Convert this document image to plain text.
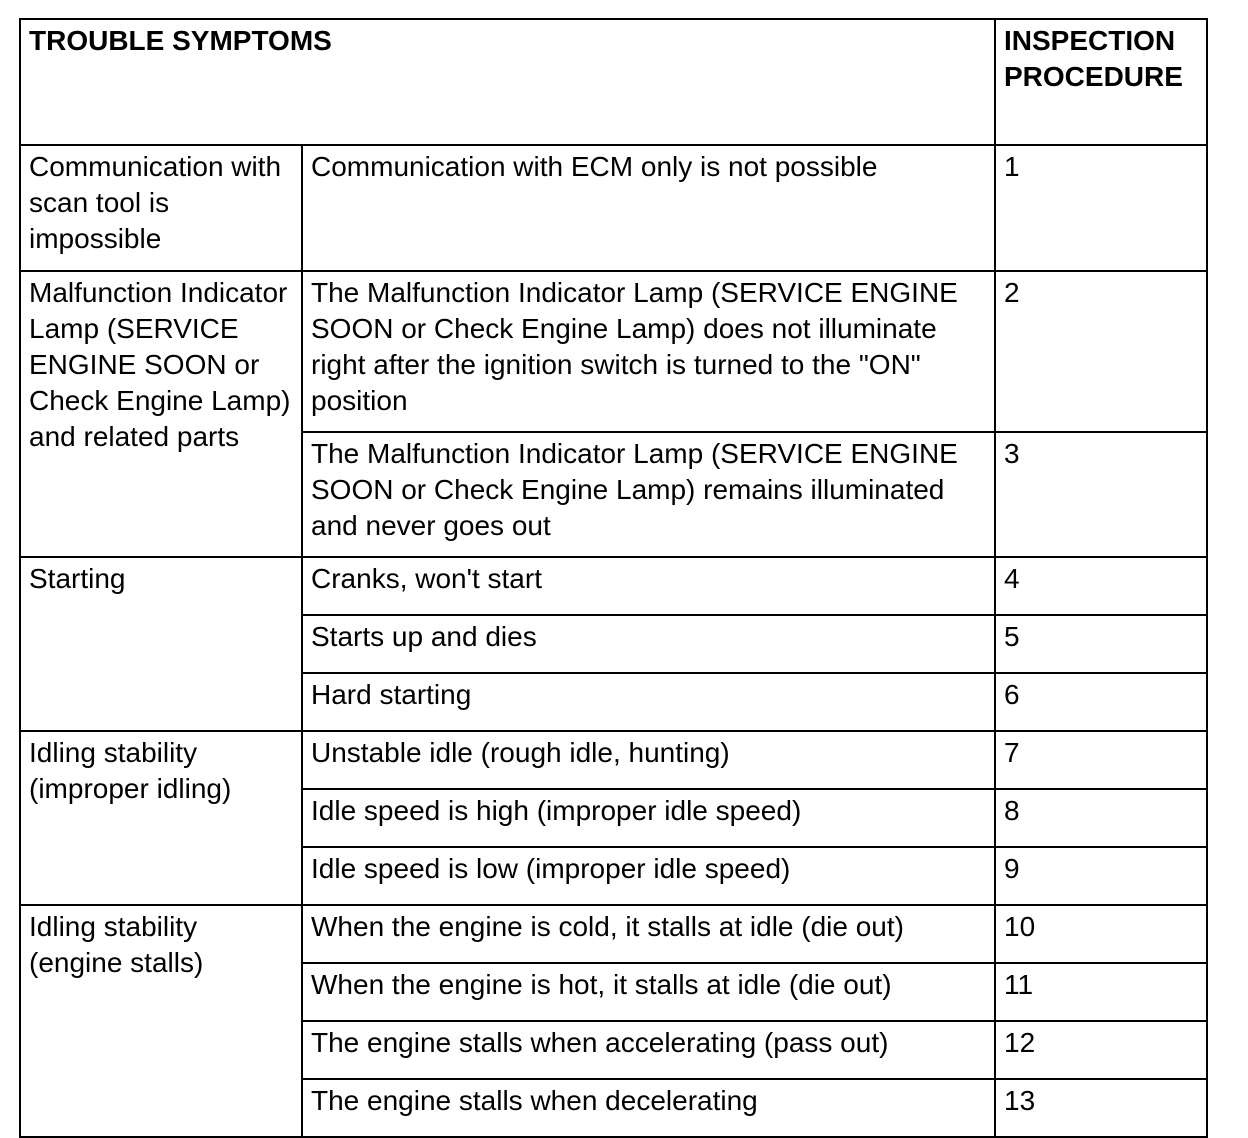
TROUBLE SYMPTOMS		INSPECTION PROCEDURE
Communication with scan tool is impossible	Communication with ECM only is not possible	1
Malfunction Indicator Lamp (SERVICE ENGINE SOON or Check Engine Lamp) and related parts	The Malfunction Indicator Lamp (SERVICE ENGINE SOON or Check Engine Lamp) does not illuminate right after the ignition switch is turned to the "ON" position	2
	The Malfunction Indicator Lamp (SERVICE ENGINE SOON or Check Engine Lamp) remains illuminated and never goes out	3
Starting	Cranks, won't start	4
	Starts up and dies	5
	Hard starting	6
Idling stability (improper idling)	Unstable idle (rough idle, hunting)	7
	Idle speed is high (improper idle speed)	8
	Idle speed is low (improper idle speed)	9
Idling stability (engine stalls)	When the engine is cold, it stalls at idle (die out)	10
	When the engine is hot, it stalls at idle (die out)	11
	The engine stalls when accelerating (pass out)	12
	The engine stalls when decelerating	13
